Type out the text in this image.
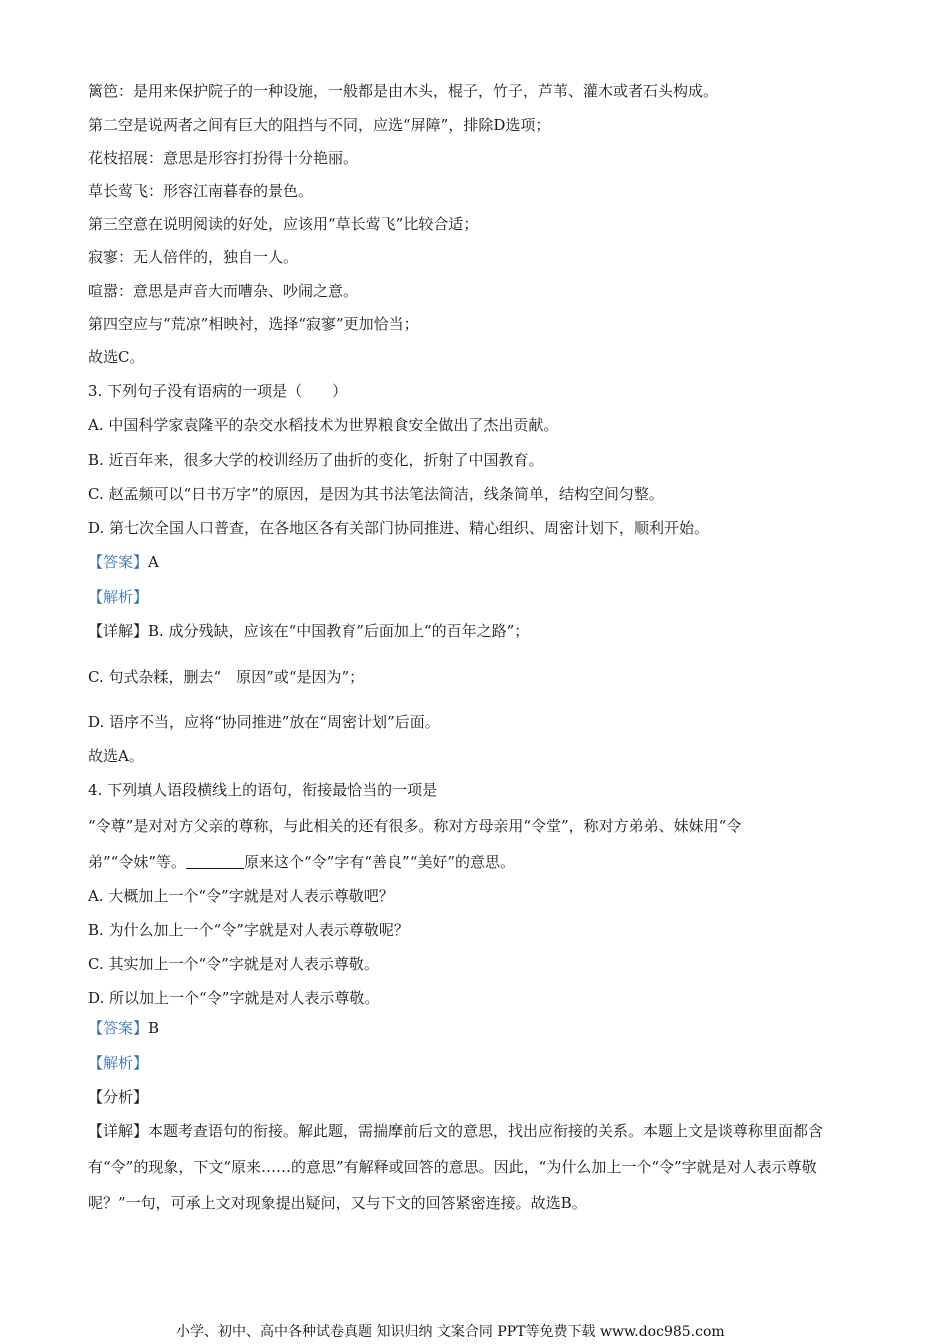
篱笆：是用来保护院子的一种设施，一般都是由木头，棍子，竹子，芦苇、灌木或者石头构成。
第二空是说两者之间有巨大的阻挡与不同，应选“屏障”，排除D选项；
花枝招展：意思是形容打扮得十分艳丽。
草长莺飞：形容江南暮春的景色。
第三空意在说明阅读的好处，应该用“草长莺飞”比较合适；
寂寥：无人倍伴的，独自一人。
喧嚣：意思是声音大而嘈杂、吵闹之意。
第四空应与“荒凉”相映衬，选择“寂寥”更加恰当；
故选C。
3. 下列句子没有语病的一项是（　　）
A. 中国科学家袁隆平的杂交水稻技术为世界粮食安全做出了杰出贡献。
B. 近百年来，很多大学的校训经历了曲折的变化，折射了中国教育。
C. 赵孟频可以“日书万字”的原因，是因为其书法笔法简洁，线条简单，结构空间匀整。
D. 第七次全国人口普查，在各地区各有关部门协同推进、精心组织、周密计划下，顺利开始。
【答案】A
【解析】
【详解】B. 成分残缺，应该在“中国教育”后面加上“的百年之路”；
C. 句式杂糅，删去“　原因”或“是因为”；
D. 语序不当，应将“协同推进”放在“周密计划”后面。
故选A。
4. 下列填人语段横线上的语句，衔接最恰当的一项是
“令尊”是对对方父亲的尊称，与此相关的还有很多。称对方母亲用“令堂”，称对方弟弟、妹妹用“令
弟”“令妹”等。	原来这个“令”字有“善良”“美好”的意思。
A. 大概加上一个“令”字就是对人表示尊敬吧？
B. 为什么加上一个“令”字就是对人表示尊敬呢？
C. 其实加上一个“令”字就是对人表示尊敬。
D. 所以加上一个“令”字就是对人表示尊敬。
【答案】B
【解析】
【分析】
【详解】本题考查语句的衔接。解此题，需揣摩前后文的意思，找出应衔接的关系。本题上文是谈尊称里面都含有“令”的现象，下文“原来……的意思”有解释或回答的意思。因此，“为什么加上一个“令”字就是对人表示尊敬呢？”一句，可承上文对现象提出疑问，又与下文的回答紧密连接。故选B。
小学、初中、高中各种试卷真题 知识归纳 文案合同 PPT等免费下载 www.doc985.com
